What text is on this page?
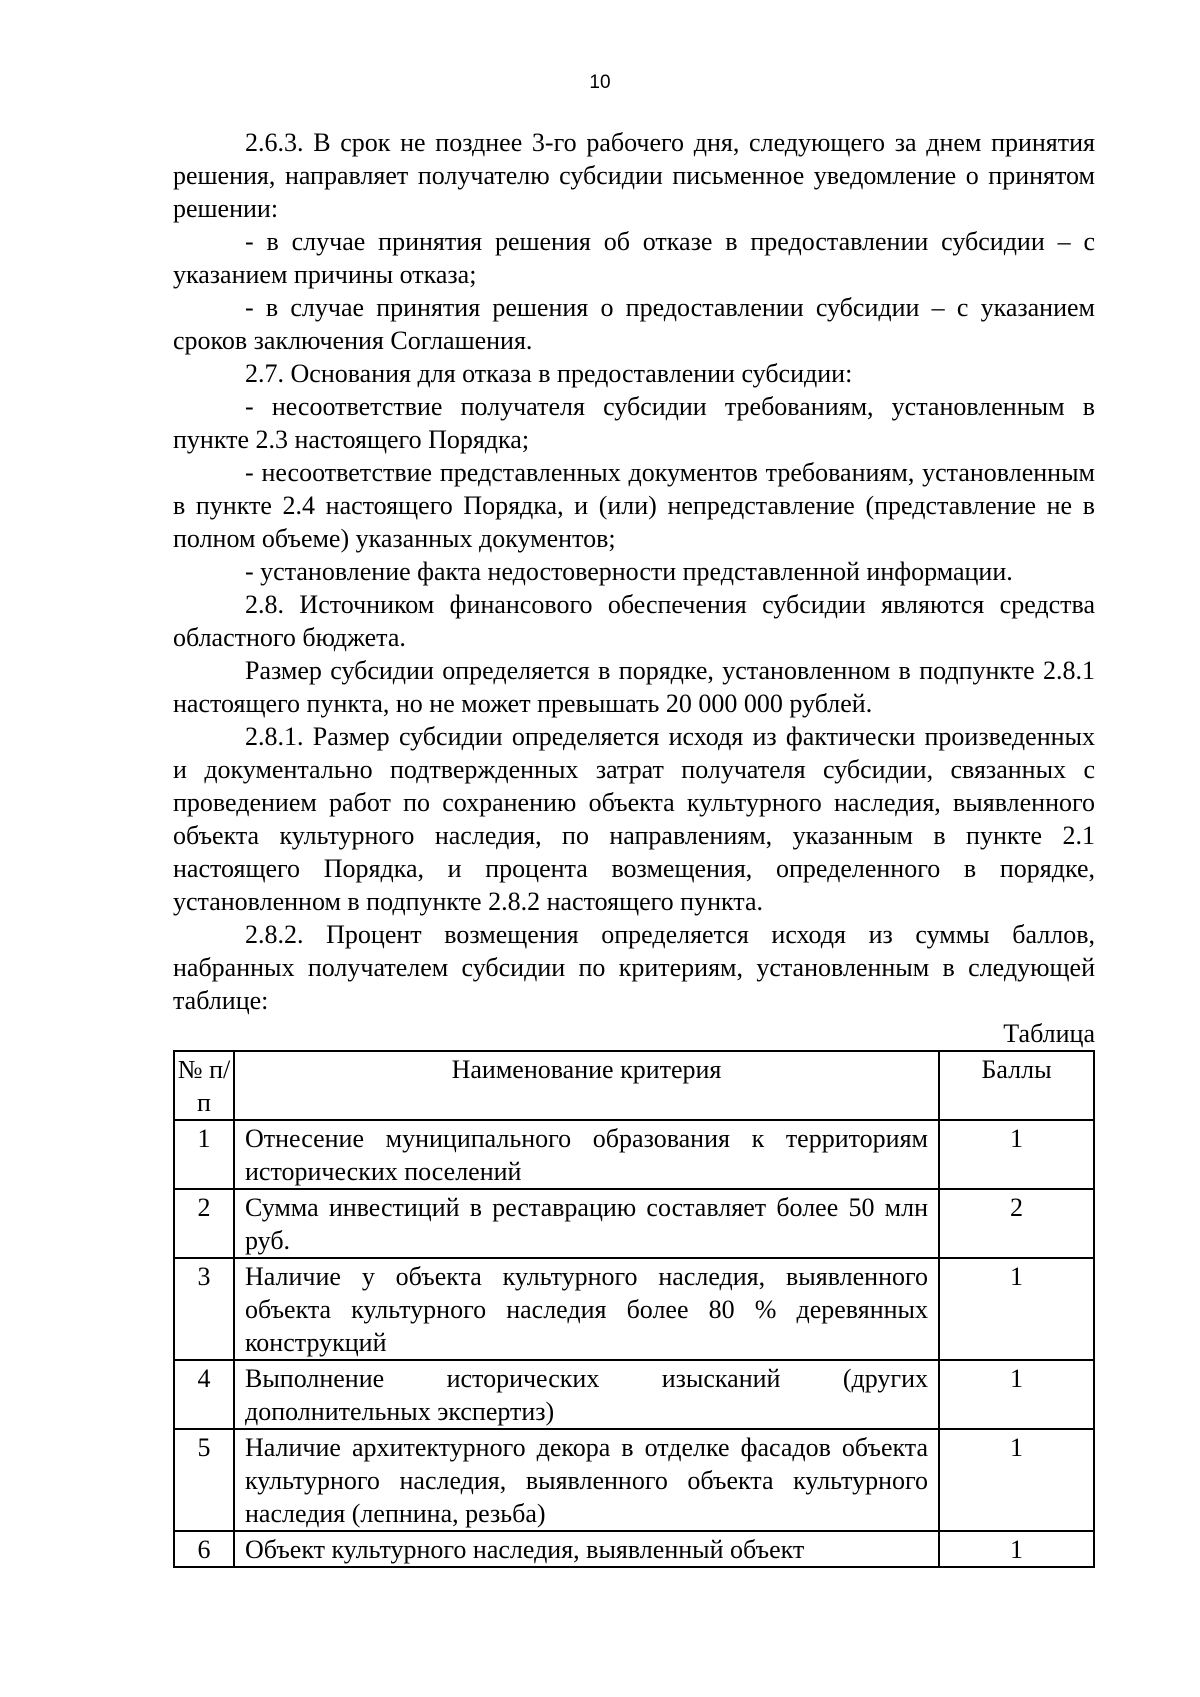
10

2.6.3. В срок не позднее 3-го рабочего дня, следующего за днем принятия решения, направляет получателю субсидии письменное уведомление о принятом решении:

- в случае принятия решения об отказе в предоставлении субсидии – с указанием причины отказа;

- в случае принятия решения о предоставлении субсидии – с указанием сроков заключения Соглашения.

2.7. Основания для отказа в предоставлении субсидии:

- несоответствие получателя субсидии требованиям, установленным в пункте 2.3 настоящего Порядка;

- несоответствие представленных документов требованиям, установленным в пункте 2.4 настоящего Порядка, и (или) непредставление (представление не в полном объеме) указанных документов;

- установление факта недостоверности представленной информации.

2.8. Источником финансового обеспечения субсидии являются средства областного бюджета.

Размер субсидии определяется в порядке, установленном в подпункте 2.8.1 настоящего пункта, но не может превышать 20 000 000 рублей.

2.8.1. Размер субсидии определяется исходя из фактически произведенных и документально подтвержденных затрат получателя субсидии, связанных с проведением работ по сохранению объекта культурного наследия, выявленного объекта культурного наследия, по направлениям, указанным в пункте 2.1 настоящего Порядка, и процента возмещения, определенного в порядке, установленном в подпункте 2.8.2 настоящего пункта.

2.8.2. Процент возмещения определяется исходя из суммы баллов, набранных получателем субсидии по критериям, установленным в следующей таблице:

Таблица

№ п/п	Наименование критерия	Баллы
1	Отнесение муниципального образования к территориям исторических поселений	1
2	Сумма инвестиций в реставрацию составляет более 50 млн руб.	2
3	Наличие у объекта культурного наследия, выявленного объекта культурного наследия более 80 % деревянных конструкций	1
4	Выполнение исторических изысканий (других дополнительных экспертиз)	1
5	Наличие архитектурного декора в отделке фасадов объекта культурного наследия, выявленного объекта культурного наследия (лепнина, резьба)	1
6	Объект культурного наследия, выявленный объект	1
